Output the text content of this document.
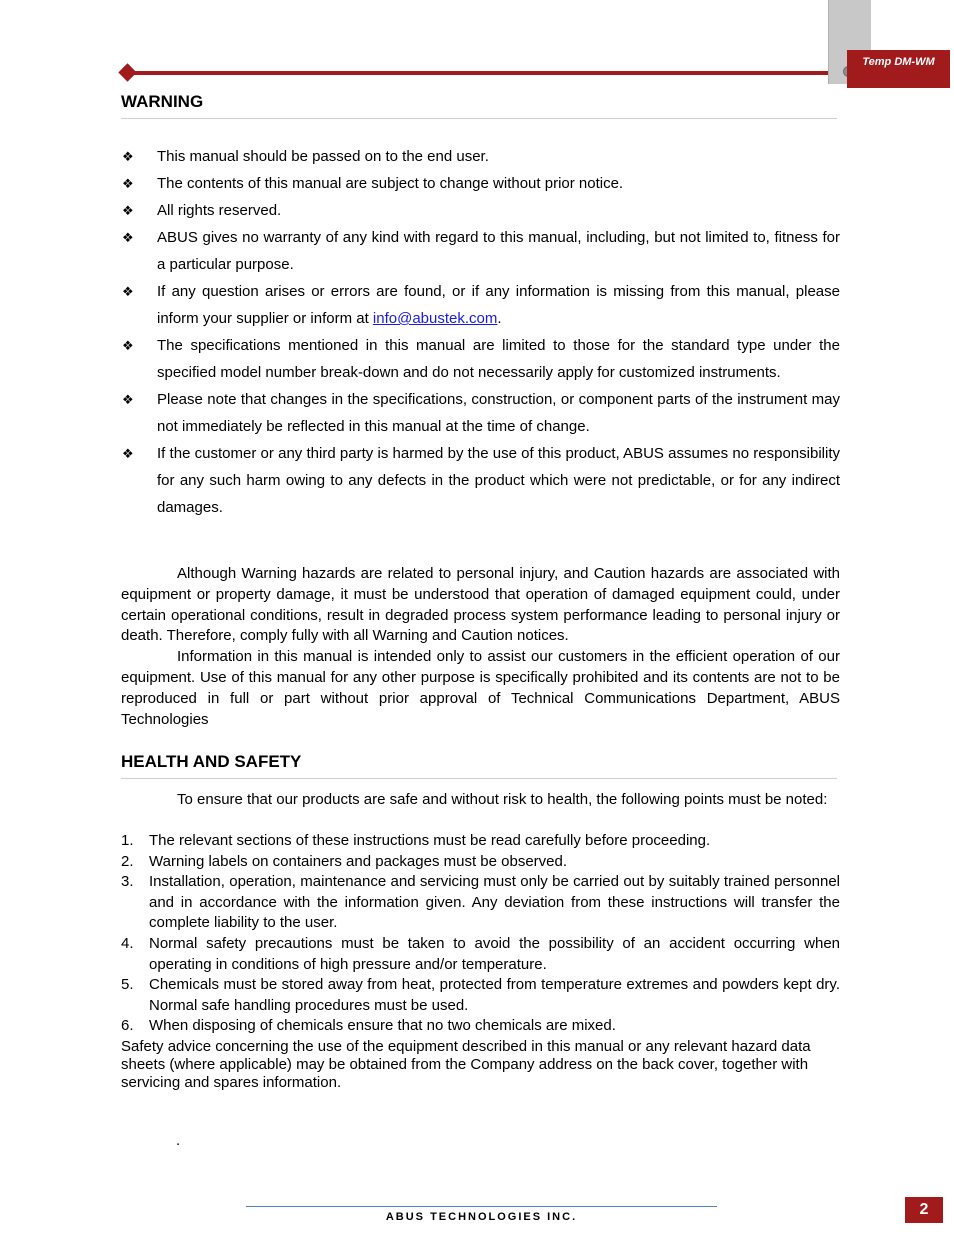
Temp DM-WM
WARNING
❖ This manual should be passed on to the end user.
❖ The contents of this manual are subject to change without prior notice.
❖ All rights reserved.
❖ ABUS gives no warranty of any kind with regard to this manual, including, but not limited to, fitness for a particular purpose.
❖ If any question arises or errors are found, or if any information is missing from this manual, please inform your supplier or inform at info@abustek.com.
❖ The specifications mentioned in this manual are limited to those for the standard type under the specified model number break-down and do not necessarily apply for customized instruments.
❖ Please note that changes in the specifications, construction, or component parts of the instrument may not immediately be reflected in this manual at the time of change.
❖ If the customer or any third party is harmed by the use of this product, ABUS assumes no responsibility for any such harm owing to any defects in the product which were not predictable, or for any indirect damages.

Although Warning hazards are related to personal injury, and Caution hazards are associated with equipment or property damage, it must be understood that operation of damaged equipment could, under certain operational conditions, result in degraded process system performance leading to personal injury or death. Therefore, comply fully with all Warning and Caution notices.

Information in this manual is intended only to assist our customers in the efficient operation of our equipment. Use of this manual for any other purpose is specifically prohibited and its contents are not to be reproduced in full or part without prior approval of Technical Communications Department, ABUS Technologies

HEALTH AND SAFETY

To ensure that our products are safe and without risk to health, the following points must be noted:

1. The relevant sections of these instructions must be read carefully before proceeding.
2. Warning labels on containers and packages must be observed.
3. Installation, operation, maintenance and servicing must only be carried out by suitably trained personnel and in accordance with the information given. Any deviation from these instructions will transfer the complete liability to the user.
4. Normal safety precautions must be taken to avoid the possibility of an accident occurring when operating in conditions of high pressure and/or temperature.
5. Chemicals must be stored away from heat, protected from temperature extremes and powders kept dry. Normal safe handling procedures must be used.
6. When disposing of chemicals ensure that no two chemicals are mixed.
Safety advice concerning the use of the equipment described in this manual or any relevant hazard data sheets (where applicable) may be obtained from the Company address on the back cover, together with servicing and spares information.
.
ABUS TECHNOLOGIES INC.	2
